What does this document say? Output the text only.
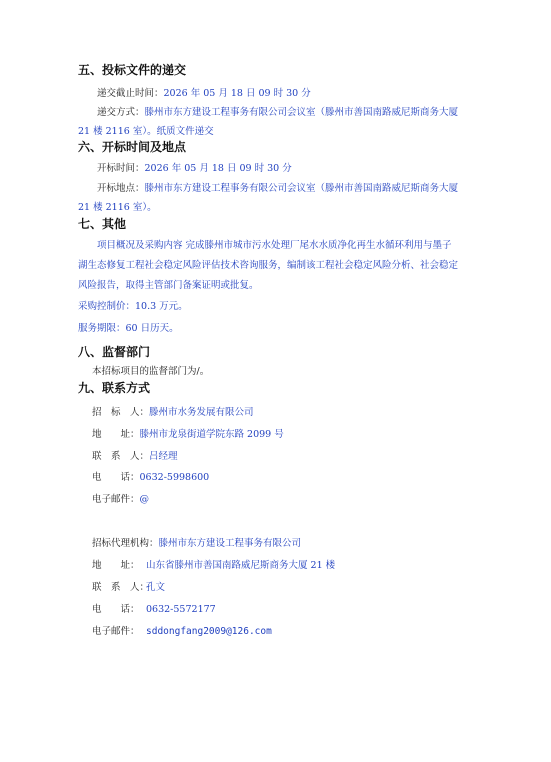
五、投标文件的递交
递交截止时间：2026 年 05 月 18 日 09 时 30 分
递交方式：滕州市东方建设工程事务有限公司会议室（滕州市善国南路威尼斯商务大厦
21 楼 2116 室）。纸质文件递交
六、开标时间及地点
开标时间：2026 年 05 月 18 日 09 时 30 分
开标地点：滕州市东方建设工程事务有限公司会议室（滕州市善国南路威尼斯商务大厦
21 楼 2116 室）。
七、其他
项目概况及采购内容 完成滕州市城市污水处理厂尾水水质净化再生水循环利用与墨子
湖生态修复工程社会稳定风险评估技术咨询服务，编制该工程社会稳定风险分析、社会稳定
风险报告，取得主管部门备案证明或批复。
采购控制价：10.3 万元。
服务期限：60 日历天。
八、监督部门
本招标项目的监督部门为/。
九、联系方式
招　标　人：滕州市水务发展有限公司
地　　址：滕州市龙泉街道学院东路 2099 号
联　系　人：吕经理
电　　话：0632-5998600
电子邮件：@
招标代理机构：滕州市东方建设工程事务有限公司
地　　址： 山东省滕州市善国南路威尼斯商务大厦 21 楼
联　系　人：孔文
电　　话： 0632-5572177
电子邮件： sddongfang2009@126.com
